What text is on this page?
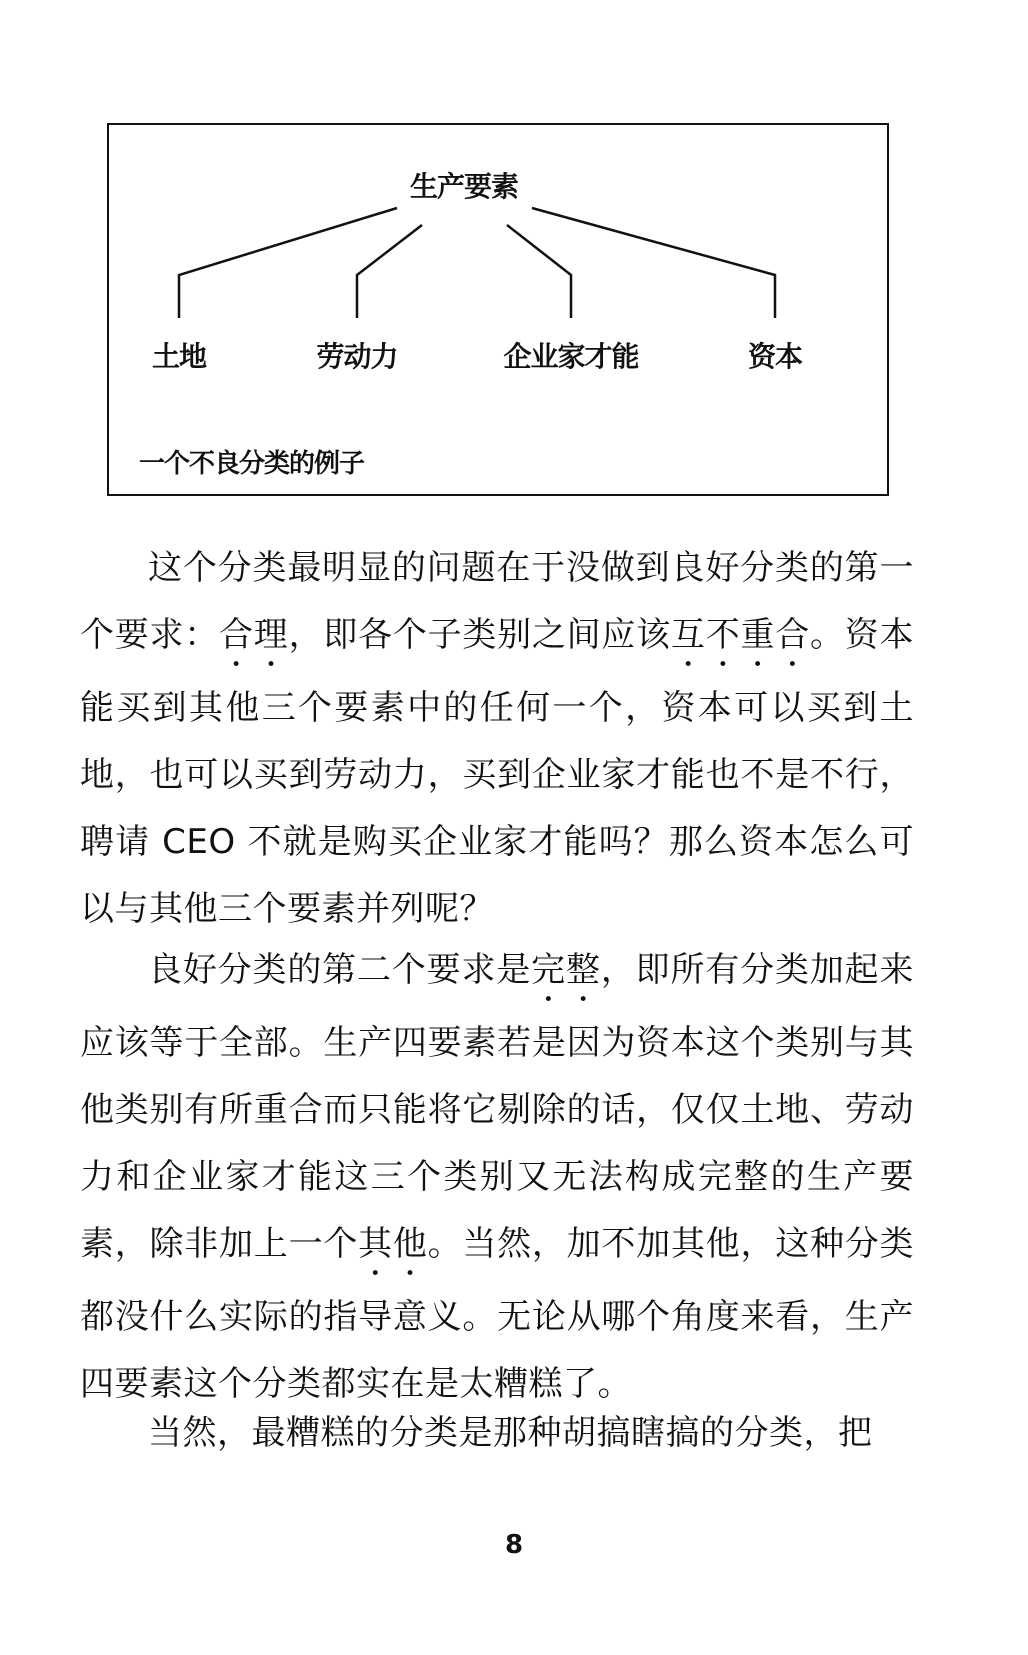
生产要素
土地	劳动力	企业家才能	资本
一个不良分类的例子

这个分类最明显的问题在于没做到良好分类的第一个要求：合理，即各个子类别之间应该互不重合。资本能买到其他三个要素中的任何一个，资本可以买到土地，也可以买到劳动力，买到企业家才能也不是不行，聘请 CEO 不就是购买企业家才能吗？那么资本怎么可以与其他三个要素并列呢？

良好分类的第二个要求是完整，即所有分类加起来应该等于全部。生产四要素若是因为资本这个类别与其他类别有所重合而只能将它剔除的话，仅仅土地、劳动力和企业家才能这三个类别又无法构成完整的生产要素，除非加上一个其他。当然，加不加其他，这种分类都没什么实际的指导意义。无论从哪个角度来看，生产四要素这个分类都实在是太糟糕了。

当然，最糟糕的分类是那种胡搞瞎搞的分类，把

8
